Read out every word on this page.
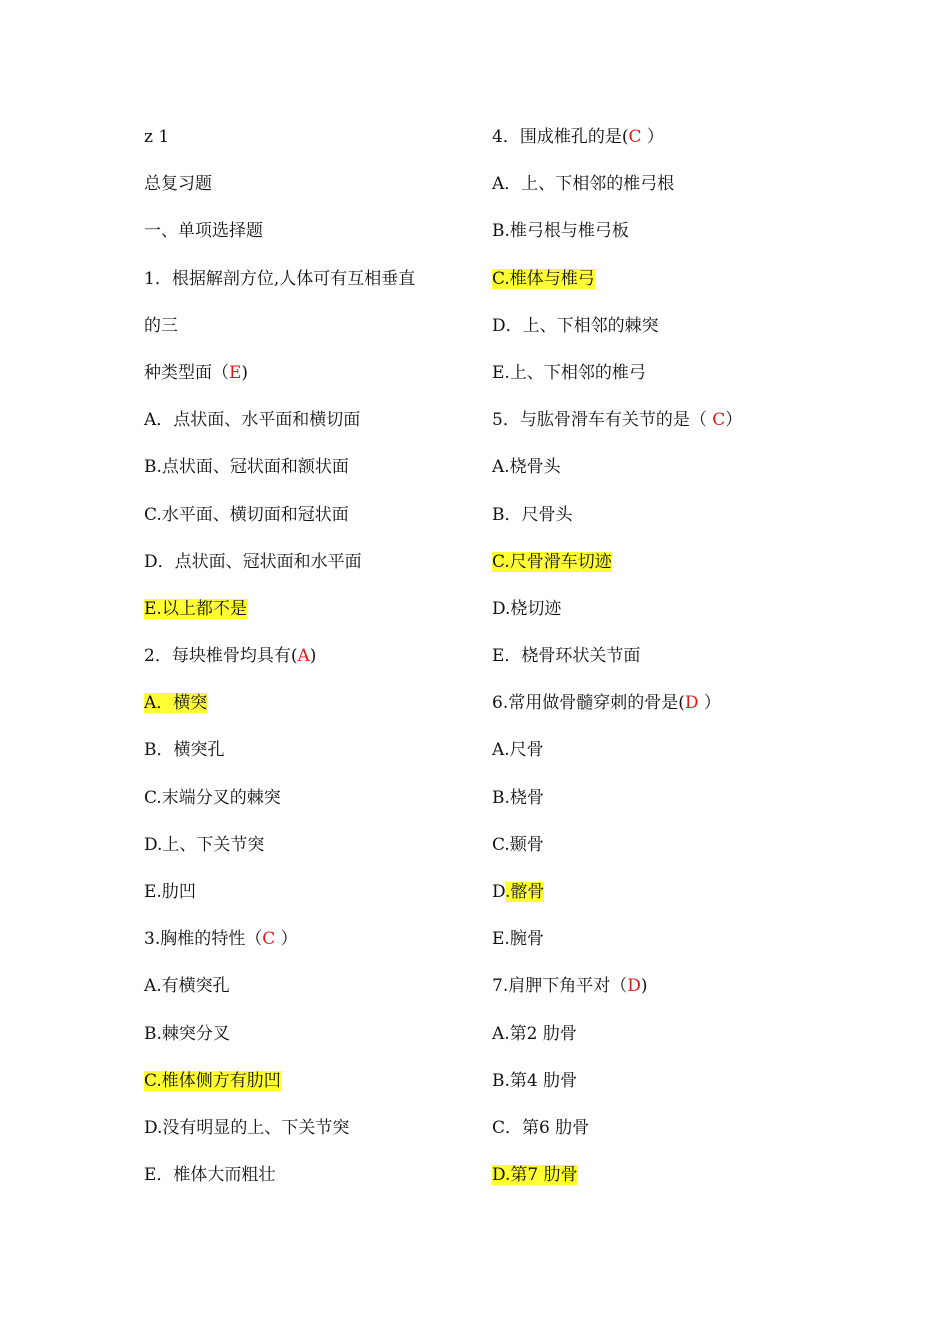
z 1
总复习题
一、单项选择题
1．根据解剖方位,人体可有互相垂直
的三
种类型面（E)
A．点状面、水平面和横切面
B.点状面、冠状面和额状面
C.水平面、横切面和冠状面
D．点状面、冠状面和水平面
E.以上都不是
2．每块椎骨均具有(A)
A．横突
B．横突孔
C.末端分叉的棘突
D.上、下关节突
E.肋凹
3.胸椎的特性（C ）
A.有横突孔
B.棘突分叉
C.椎体侧方有肋凹
D.没有明显的上、下关节突
E．椎体大而粗壮
4．围成椎孔的是(C ）
A．上、下相邻的椎弓根
B.椎弓根与椎弓板
C.椎体与椎弓
D．上、下相邻的棘突
E.上、下相邻的椎弓
5．与肱骨滑车有关节的是（ C）
A.桡骨头
B．尺骨头
C.尺骨滑车切迹
D.桡切迹
E．桡骨环状关节面
6.常用做骨髓穿刺的骨是(D ）
A.尺骨
B.桡骨
C.颞骨
D.髂骨
E.腕骨
7.肩胛下角平对（D)
A.第2 肋骨
B.第4 肋骨
C．第6 肋骨
D.第7 肋骨
